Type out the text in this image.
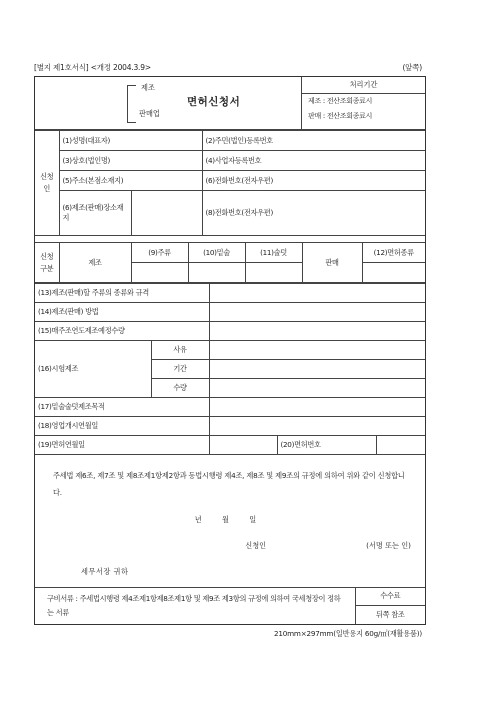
[별지 제1호서식] <개정 2004.3.9>	(앞쪽)
제조
판매업
면허신청서
처리기간
제조 : 전산조회종료시
판매 : 전산조회종료시
신청인	(1)성명(대표자)		(2)주민(법인)등록번호
	(3)상호(법인명)		(4)사업자등록번호
	(5)주소(본점소재지)		(6)전화번호(전자우편)
	(6)제조(판매)장소재지		(8)전화번호(전자우편)
신청구분	제조	(9)주류	(10)밑술	(11)술덧	판매	(12)면허종류

(13)제조(판매)할 주류의 종류와 규격			
(14)제조(판매) 방법			
(15)매주조연도제조예정수량			
(16)시험제조	사유		
	기간		
	수량		
(17)밑술술덧제조목적			
(18)영업개시연월일			
(19)면허연월일			(20)면허번호
주세법 제6조, 제7조 및 제8조제1항제2항과 동법시행령 제4조, 제8조 및 제9조의 규정에 의하여 위와 같이 신청합니다.
년 월 일
신청인	(서명 또는 인)
세무서장 귀하
구비서류 : 주세법시행령 제4조제1항제8조제1항 및 제9조 제3항의 규정에 의하여 국세청장이 정하는 서류	수수료
뒤쪽 참조
210mm×297mm(일반용지 60g/㎡(재활용품))
